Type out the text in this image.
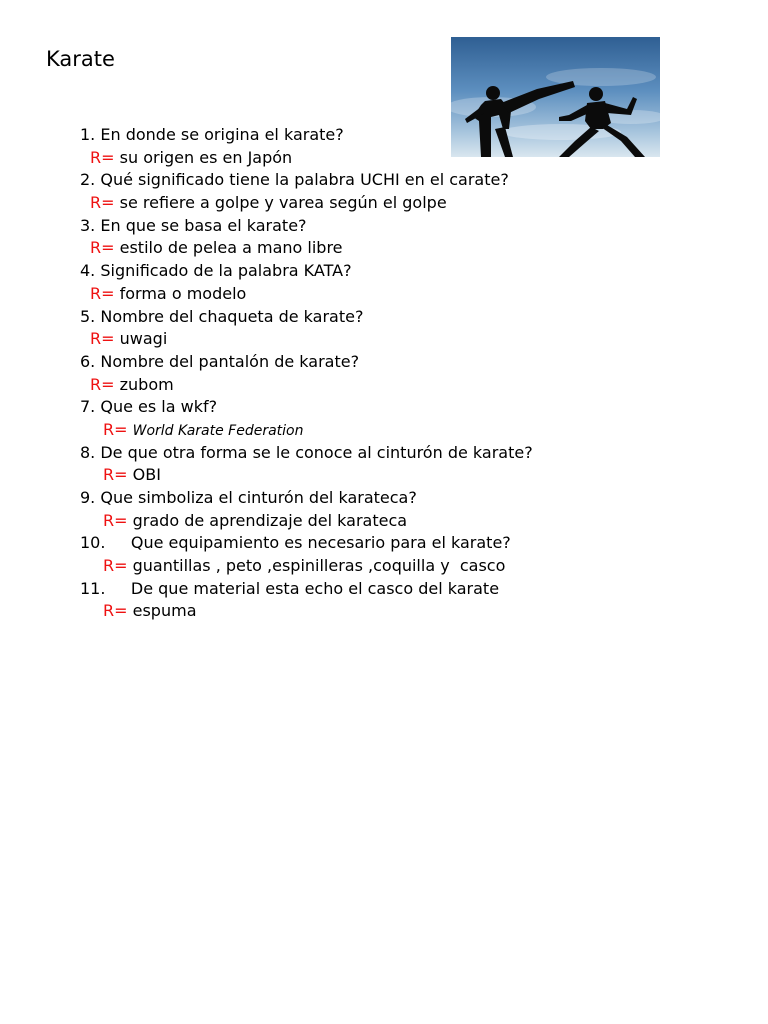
Karate
1. En donde se origina el karate?
R= su origen es en Japón
2. Qué significado tiene la palabra UCHI en el carate?
R= se refiere a golpe y varea según el golpe
3. En que se basa el karate?
R= estilo de pelea a mano libre
4. Significado de la palabra KATA?
R= forma o modelo
5. Nombre del chaqueta de karate?
R= uwagi
6. Nombre del pantalón de karate?
R= zubom
7. Que es la wkf?
R= World Karate Federation
8. De que otra forma se le conoce al cinturón de karate?
R= OBI
9. Que simboliza el cinturón del karateca?
R= grado de aprendizaje del karateca
10. Que equipamiento es necesario para el karate?
R= guantillas , peto ,espinilleras ,coquilla y  casco
11. De que material esta echo el casco del karate
R= espuma
